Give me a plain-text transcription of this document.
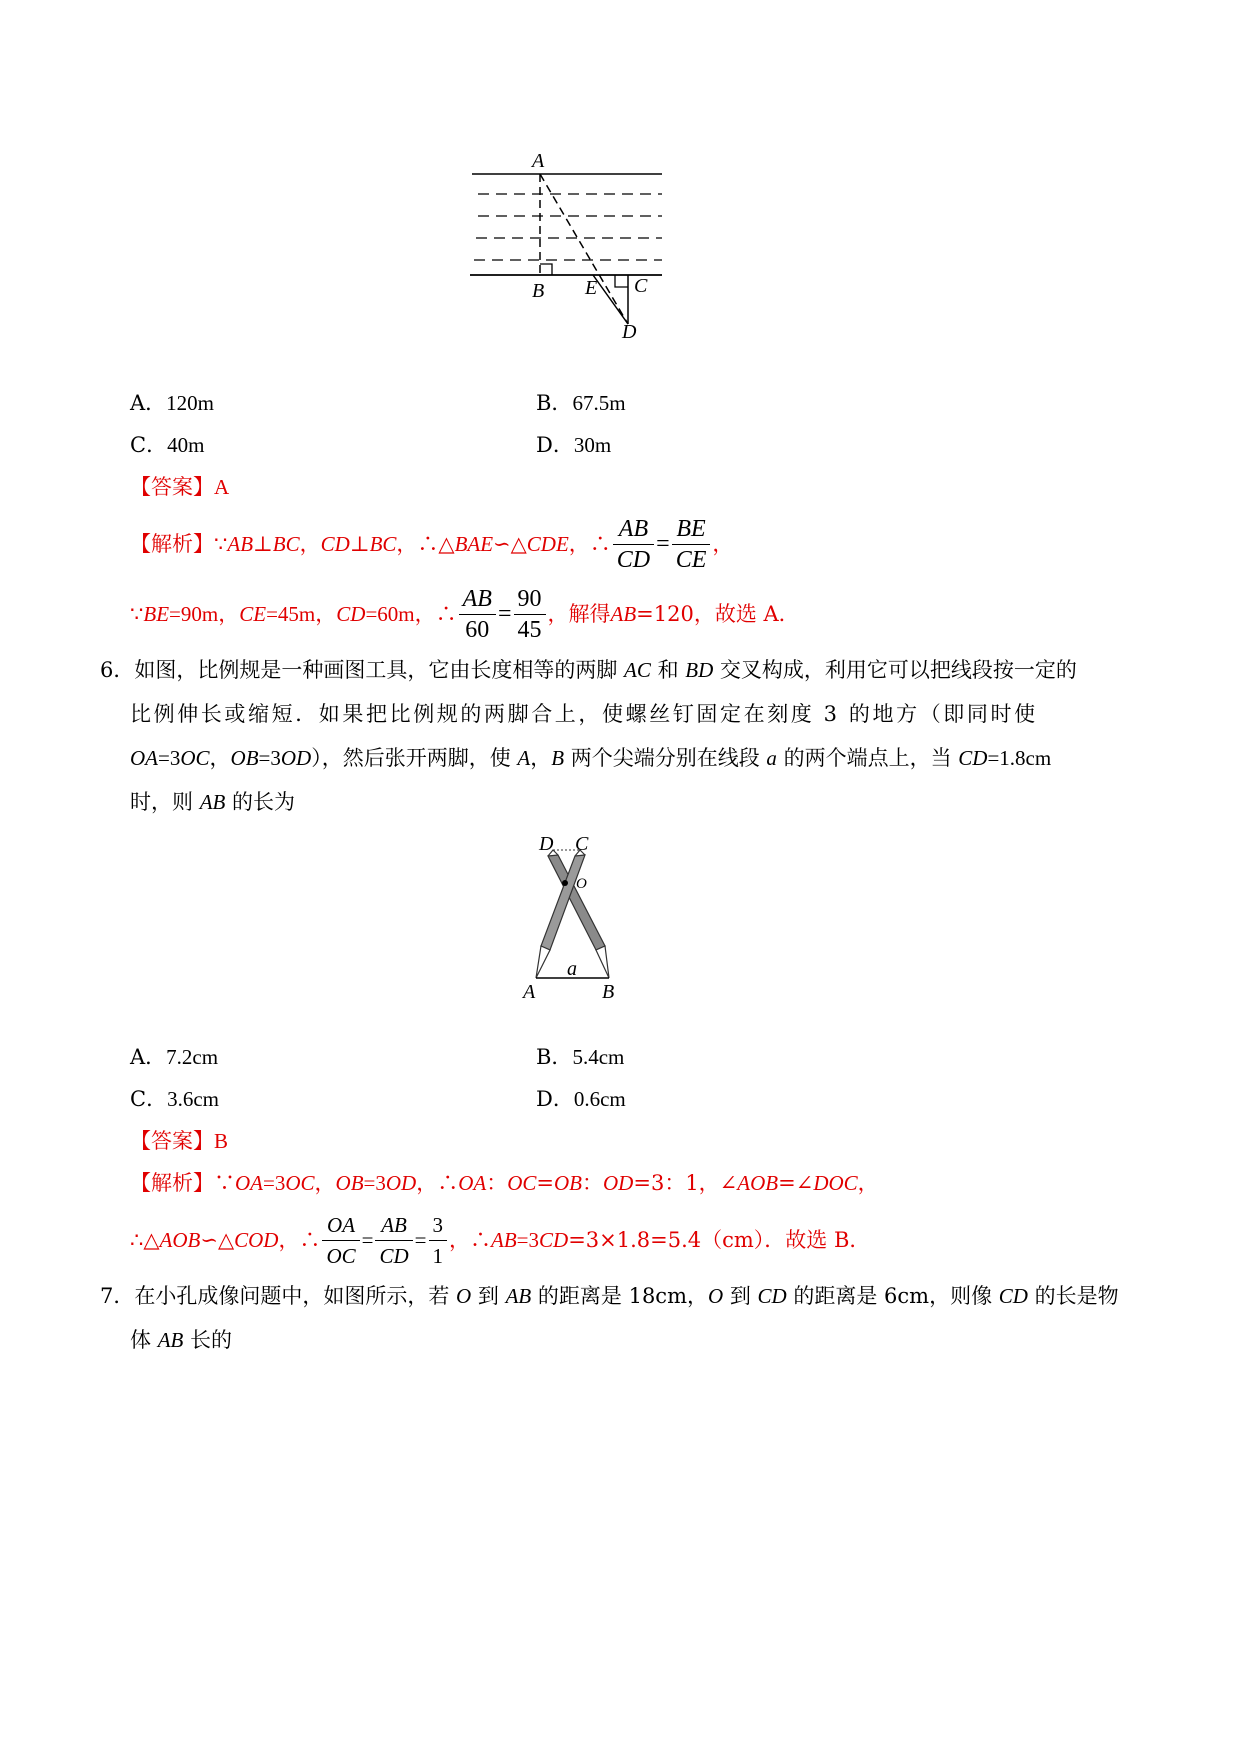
A
B E C
D
A．120m	B．67.5m
C．40m	D．30m
【答案】A
【解析】 ∵ AB ⊥ BC ， CD ⊥ BC ，∴△ BAE ∽△ CDE ，∴ $\frac{AB}{CD} = \frac{BE}{CE}$ ，
∵ BE =90m， CE =45m， CD =60m，∴ $\frac{AB}{60} = \frac{90}{45}$ ，解得 AB =120，故选 A．
6．如图，比例规是一种画图工具，它由长度相等的两脚 AC 和 BD 交叉构成，利用它可以把线段按一定的
比例伸长或缩短．如果把比例规的两脚合上，使螺丝钉固定在刻度 3 的地方（即同时使
OA=3OC，OB=3OD），然后张开两脚，使 A，B 两个尖端分别在线段 a 的两个端点上，当 CD=1.8cm
时，则 AB 的长为
D C
O
a
A	B
A．7.2cm	B．5.4cm
C．3.6cm	D．0.6cm
【答案】B
【解析】∵OA=3OC，OB=3OD，∴OA：OC=OB：OD=3：1，∠AOB=∠DOC，
∴△ AOB ∽△ COD ，∴ $\frac{OA}{OC} = \frac{AB}{CD} = \frac{3}{1}$ ，∴ AB =3 CD =3×1.8=5.4（cm）．故选 B．
7．在小孔成像问题中，如图所示，若 O 到 AB 的距离是 18cm，O 到 CD 的距离是 6cm，则像 CD 的长是物
体 AB 长的
